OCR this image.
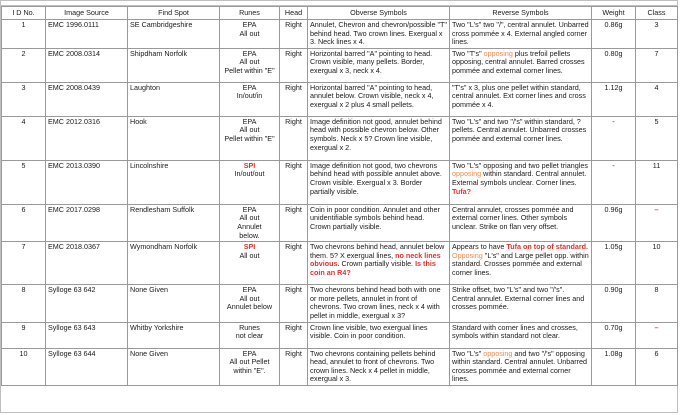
I D No.	Image Source	Find Spot	Runes	Head	Obverse Symbols	Reverse Symbols	Weight	Class
1	EMC 1996.0111	SE Cambridgeshire	EPA
All out	Right	Annulet, Chevron and chevron/possible "T" behind head. Two crown lines. Exergual x 3. Neck lines x 4.	Two "L's" two "/", central annulet. Unbarred cross pommée x 4. External angled corner lines.	0.86g	3
2	EMC 2008.0314	Shipdham Norfolk	EPA
All out
Pellet within "E"	Right	Horizontal barred "A" pointing to head. Crown visible, many pellets. Border, exergual x 3, neck x 4.	Two "T's" opposing plus trefoil pellets opposing, central annulet. Barred crosses pommée and external corner lines.	0.80g	7
3	EMC 2008.0439	Laughton	EPA
In/out/in	Right	Horizontal barred "A" pointing to head, annulet below. Crown visible, neck x 4, exergual x 2 plus 4 small pellets.	"T's" x 3, plus one pellet within standard, central annulet. Ext corner lines and cross pommée x 4.	1.12g	4
4	EMC 2012.0316	Hook	EPA
All out
Pellet within "E"	Right	Image definition not good, annulet behind head with possible chevron below. Other symbols. Neck x 5? Crown line visible, exergual x 2.	Two "L's" and two "/'s" within standard, ? pellets. Central annulet. Unbarred crosses pommée and external corner lines.	-	5
5	EMC 2013.0390	Lincolnshire	SPI
In/out/out	Right	Image definition not good, two chevrons behind head with possible annulet above. Crown visible. Exergual x 3. Border partially visible.	Two "L's" opposing and two pellet triangles opposing within standard. Central annulet. External symbols unclear. Corner lines. Tufa?	-	11
6	EMC 2017.0298	Rendlesham Suffolk	EPA
All out
Annulet
below.	Right	Coin in poor condition. Annulet and other unidentifiable symbols behind head. Crown partially visible.	Central annulet, crosses pommée and external corner lines. Other symbols unclear. Strike on flan very offset.	0.96g	–
7	EMC 2018.0367	Wymondham Norfolk	SPI
All out	Right	Two chevrons behind head, annulet below them. 5? X exergual lines, no neck lines obvious. Crown partially visible. Is this coin an R4?	Appears to have Tufa on top of standard. Opposing "L's" and Large pellet opp. within standard. Crosses pommée and external corner lines.	1.05g	10
8	Sylloge 63 642	None Given	EPA
All out
Annulet below	Right	Two chevrons behind head both with one or more pellets, annulet in front of chevrons. Two crown lines, neck x 4 with pellet in middle, exergual x 3?	Strike offset, two "L's" and two "/'s". Central annulet. External corner lines and crosses pommée.	0.90g	8
9	Sylloge 63 643	Whitby Yorkshire	Runes
not clear	Right	Crown line visible, two exergual lines visible. Coin in poor condition.	Standard with corner lines and crosses, symbols within standard not clear.	0.70g	–
10	Sylloge 63 644	None Given	EPA
All out Pellet
within "E".	Right	Two chevrons containing pellets behind head, annulet to front of chevrons. Two crown lines. Neck x 4 pellet in middle, exergual x 3.	Two "L's" opposing and two "/'s" opposing within standard. Central annulet. Unbarred crosses pommée and external corner lines.	1.08g	6
